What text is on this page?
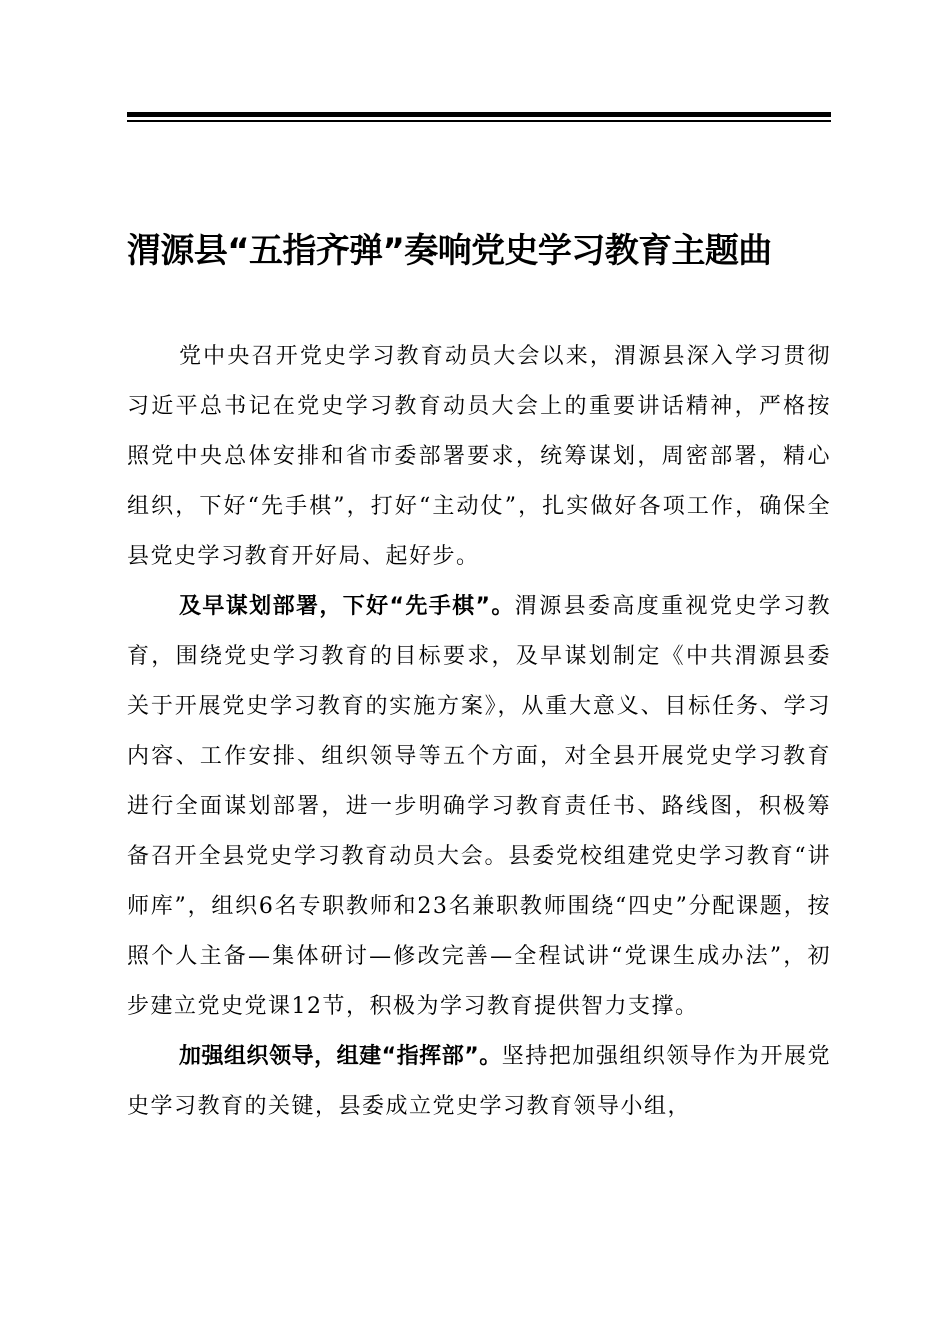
渭源县“五指齐弹”奏响党史学习教育主题曲

党中央召开党史学习教育动员大会以来，渭源县深入学习贯彻习近平总书记在党史学习教育动员大会上的重要讲话精神，严格按照党中央总体安排和省市委部署要求，统筹谋划，周密部署，精心组织，下好“先手棋”，打好“主动仗”，扎实做好各项工作，确保全县党史学习教育开好局、起好步。

及早谋划部署，下好“先手棋”。渭源县委高度重视党史学习教育，围绕党史学习教育的目标要求，及早谋划制定《中共渭源县委关于开展党史学习教育的实施方案》，从重大意义、目标任务、学习内容、工作安排、组织领导等五个方面，对全县开展党史学习教育进行全面谋划部署，进一步明确学习教育责任书、路线图，积极筹备召开全县党史学习教育动员大会。县委党校组建党史学习教育“讲师库”，组织6名专职教师和23名兼职教师围绕“四史”分配课题，按照个人主备—集体研讨—修改完善—全程试讲“党课生成办法”，初步建立党史党课12节，积极为学习教育提供智力支撑。

加强组织领导，组建“指挥部”。坚持把加强组织领导作为开展党史学习教育的关键，县委成立党史学习教育领导小组，
